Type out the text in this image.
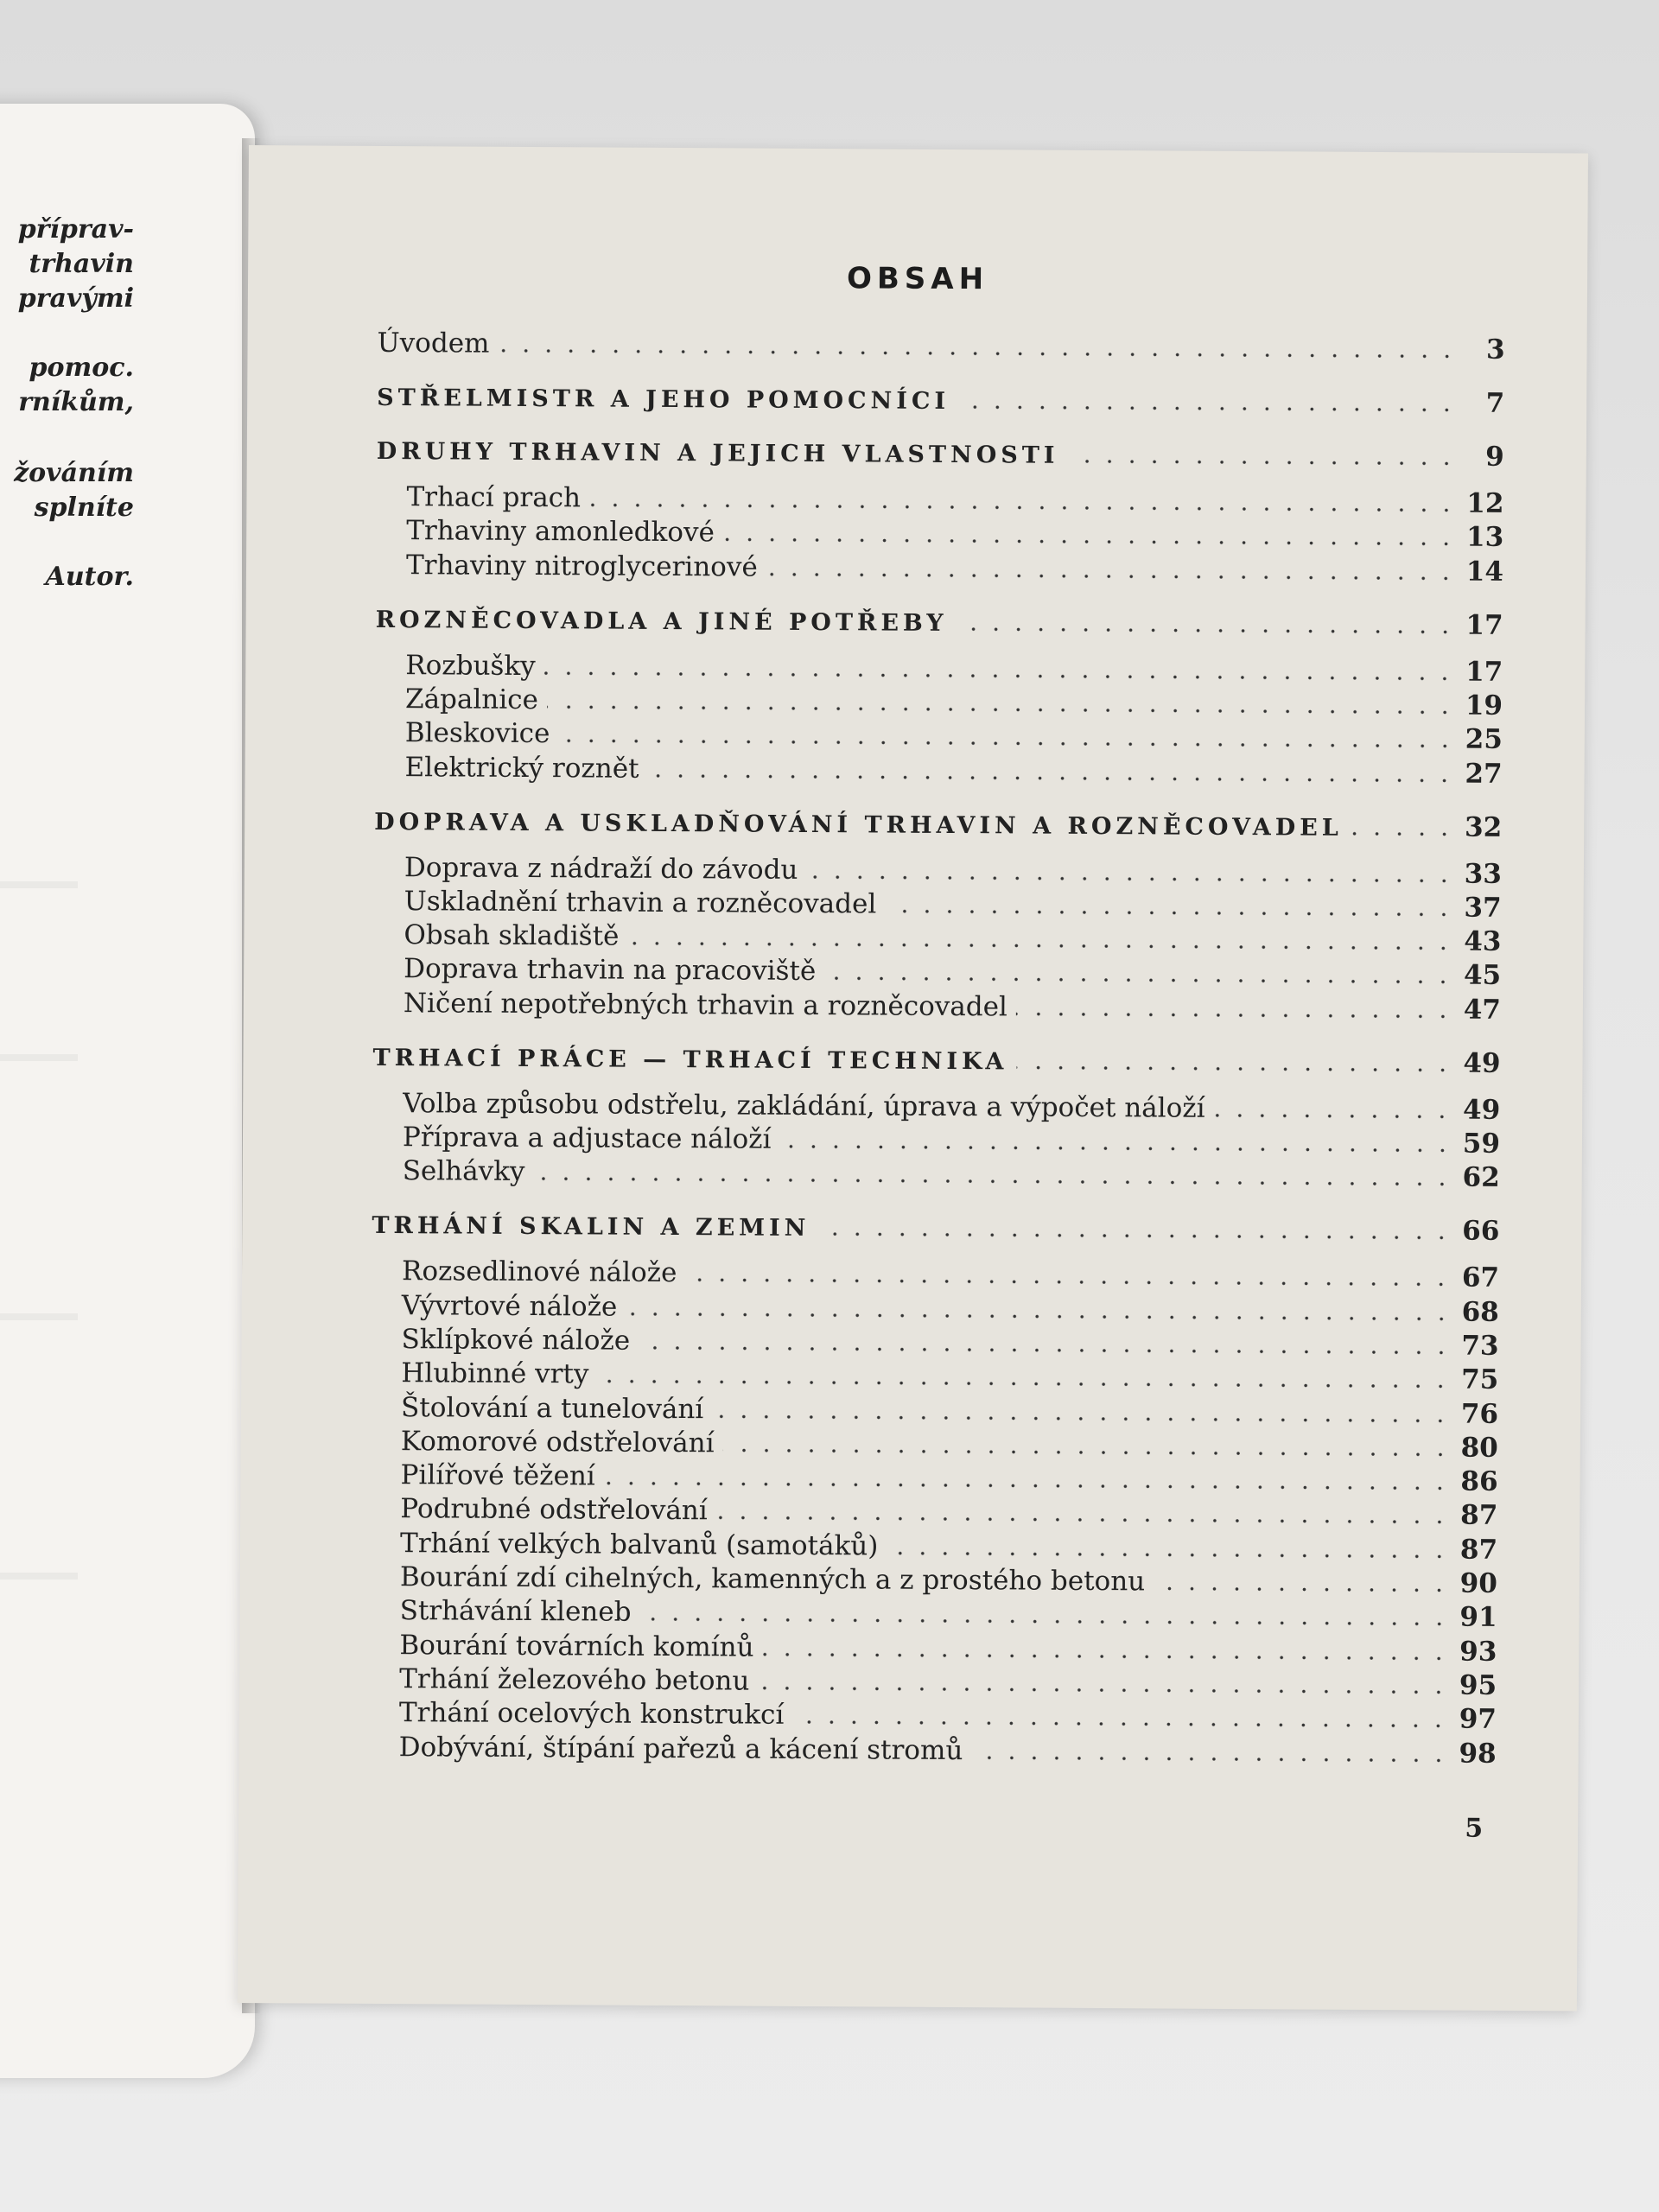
příprav-
trhavin
pravými
pomoc.
rníkům,
žováním
splníte
Autor.
OBSAH
Úvodem	3
STŘELMISTR A JEHO POMOCNÍCI	7
DRUHY TRHAVIN A JEJICH VLASTNOSTI	9
Trhací prach	12
Trhaviny amonledkové	13
Trhaviny nitroglycerinové	14
ROZNĚCOVADLA A JINÉ POTŘEBY	17
Rozbušky	17
Zápalnice	19
Bleskovice	25
Elektrický roznět	27
DOPRAVA A USKLADŇOVÁNÍ TRHAVIN A ROZNĚCOVADEL	32
Doprava z nádraží do závodu	33
Uskladnění trhavin a rozněcovadel	37
Obsah skladiště	43
Doprava trhavin na pracoviště	45
Ničení nepotřebných trhavin a rozněcovadel	47
TRHACÍ PRÁCE — TRHACÍ TECHNIKA	49
Volba způsobu odstřelu, zakládání, úprava a výpočet náloží	49
Příprava a adjustace náloží	59
Selhávky	62
TRHÁNÍ SKALIN A ZEMIN	66
Rozsedlinové nálože	67
Vývrtové nálože	68
Sklípkové nálože	73
Hlubinné vrty	75
Štolování a tunelování	76
Komorové odstřelování	80
Pilířové těžení	86
Podrubné odstřelování	87
Trhání velkých balvanů (samotáků)	87
Bourání zdí cihelných, kamenných a z prostého betonu	90
Strhávání kleneb	91
Bourání továrních komínů	93
Trhání železového betonu	95
Trhání ocelových konstrukcí	97
Dobývání, štípání pařezů a kácení stromů	98
5
